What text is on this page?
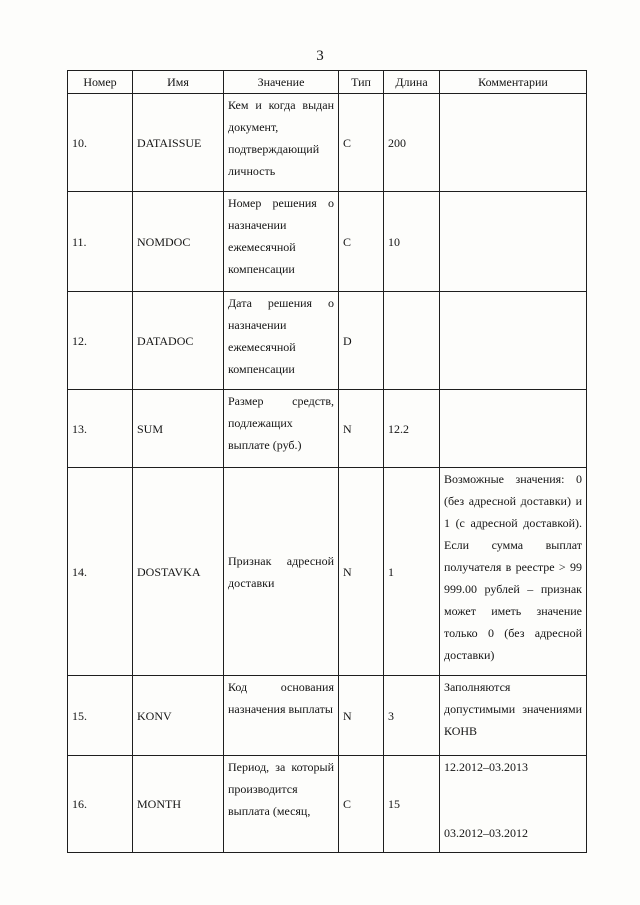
3
Номер	Имя	Значение	Тип	Длина	Комментарии
10.	DATAISSUE	Кем и когда выдан документ, подтверждающий личность	C	200	
11.	NOMDOC	Номер решения о назначении ежемесячной компенсации	C	10	
12.	DATADOC	Дата решения о назначении ежемесячной компенсации	D		
13.	SUM	Размер средств, подлежащих выплате (руб.)	N	12.2	
14.	DOSTAVKA	Признак адресной доставки	N	1	Возможные значения: 0 (без адресной доставки) и 1 (с адресной доставкой). Если сумма выплат получателя в реестре > 99 999.00 рублей – признак может иметь значение только 0 (без адресной доставки)

15.	KONV	Код основания назначения выплаты	N	3	Заполняются допустимыми значениями КОНВ

16.	MONTH	Период, за который производится выплата (месяц,	C	15	12.2012–03.2013
03.2012–03.2012
